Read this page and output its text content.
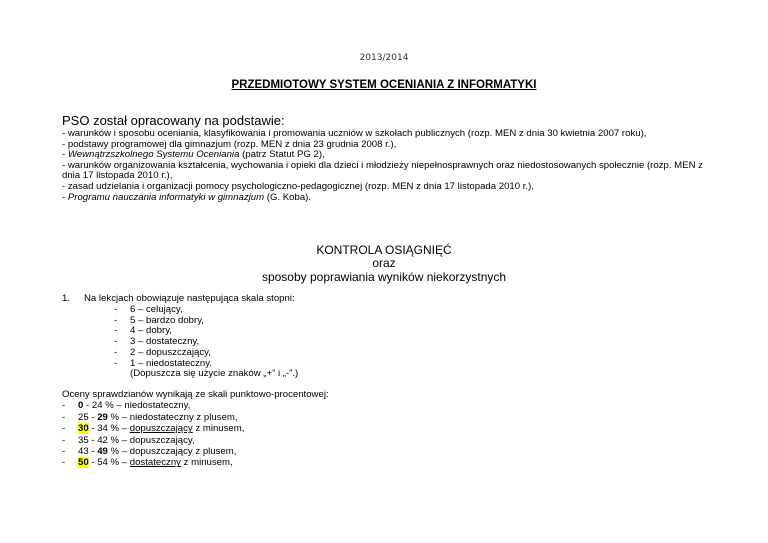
2013/2014
PRZEDMIOTOWY SYSTEM OCENIANIA Z INFORMATYKI
PSO został opracowany na podstawie:
- warunków i sposobu oceniania, klasyfikowania i promowania uczniów w szkołach publicznych (rozp. MEN z dnia 30 kwietnia 2007 roku),
- podstawy programowej dla gimnazjum (rozp. MEN z dnia 23 grudnia 2008 r.),
- Wewnątrzszkolnego Systemu Oceniania (patrz Statut PG 2),
- warunków organizowania kształcenia, wychowania i opieki dla dzieci i młodzieży niepełnosprawnych oraz niedostosowanych społecznie (rozp. MEN z dnia 17 listopada 2010 r.),
- zasad udzielania i organizacji pomocy psychologiczno-pedagogicznej (rozp. MEN z dnia 17 listopada 2010 r.),
- Programu nauczania informatyki w gimnazjum (G. Koba).
KONTROLA OSIĄGNIĘĆ
oraz
sposoby poprawiania wyników niekorzystnych
1. Na lekcjach obowiązuje następująca skala stopni:
- 6 – celujący,
- 5 – bardzo dobry,
- 4 – dobry,
- 3 – dostateczny,
- 2 – dopuszczający,
- 1 – niedostateczny.
(Dopuszcza się użycie znaków „+” i „-”.)
Oceny sprawdzianów wynikają ze skali punktowo-procentowej:
- 0 - 24 % – niedostateczny,
- 25 - 29 % – niedostateczny z plusem,
- 30 - 34 % – dopuszczający z minusem,
- 35 - 42 % – dopuszczający,
- 43 - 49 % – dopuszczający z plusem,
- 50 - 54 % – dostateczny z minusem,
